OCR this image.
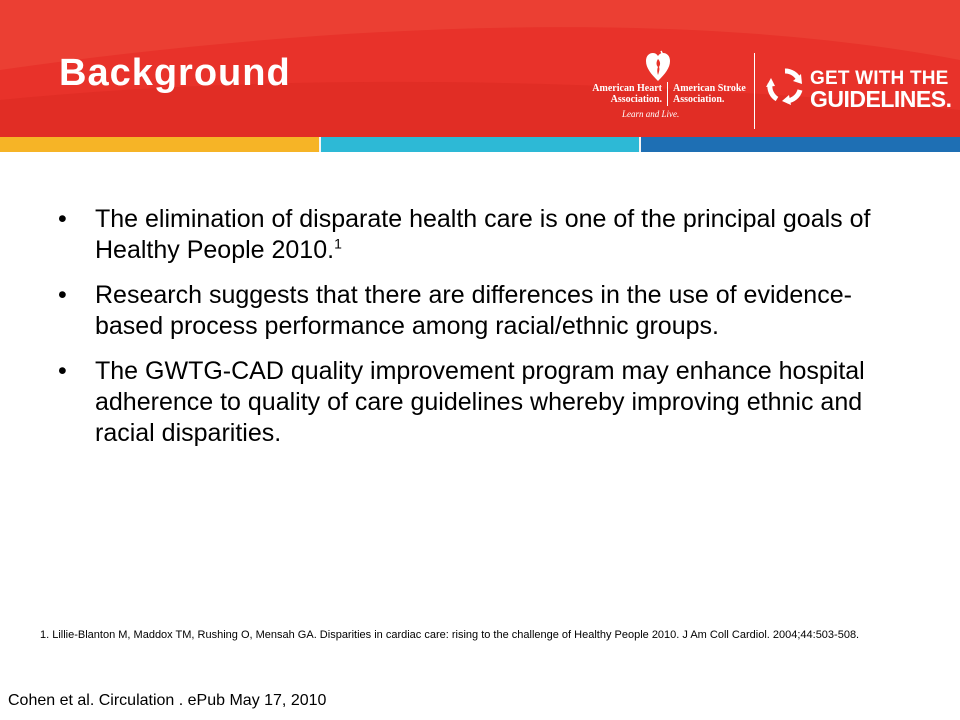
Background	American Heart
Association.
American Stroke
Association.
Learn and Live.
GET WITH THE
GUIDELINES.
• The elimination of disparate health care is one of the principal goals of Healthy People 2010.$^1$
• Research suggests that there are differences in the use of evidence-based process performance among racial/ethnic groups.
• The GWTG-CAD quality improvement program may enhance hospital adherence to quality of care guidelines whereby improving ethnic and racial disparities.

1. Lillie-Blanton M, Maddox TM, Rushing O, Mensah GA. Disparities in cardiac care: rising to the challenge of Healthy People 2010. J Am Coll Cardiol. 2004;44:503-508.

Cohen et al. Circulation . ePub May 17, 2010
